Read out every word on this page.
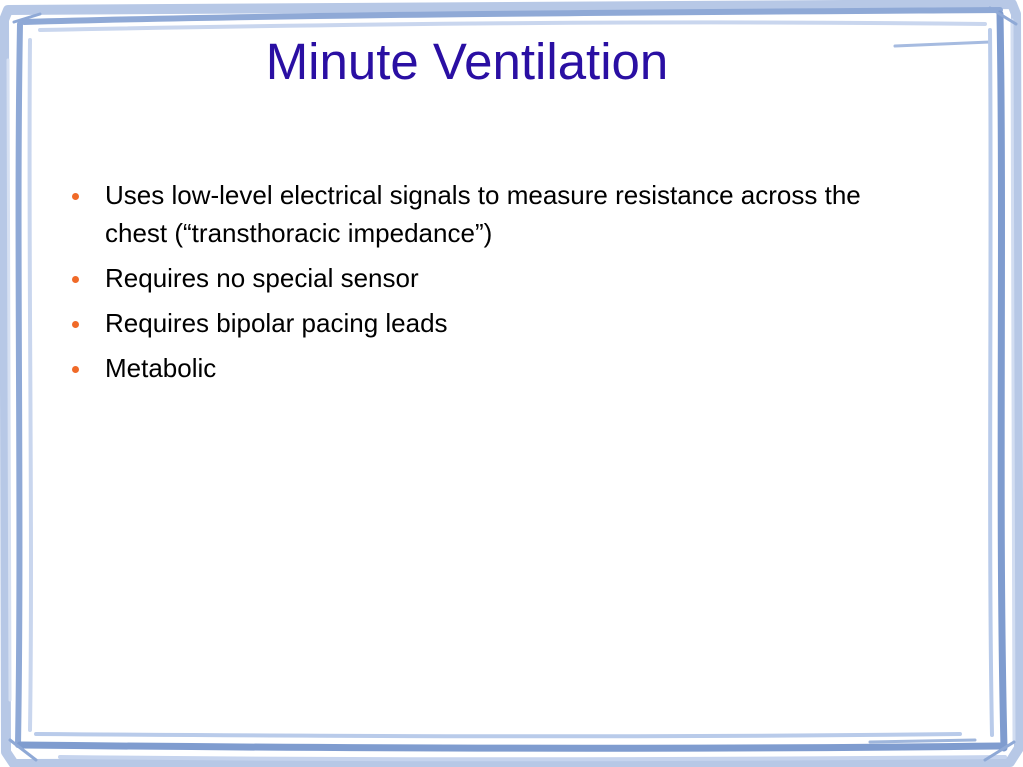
Minute Ventilation
Uses low-level electrical signals to measure resistance across the chest (“transthoracic impedance”)
Requires no special sensor
Requires bipolar pacing leads
Metabolic
